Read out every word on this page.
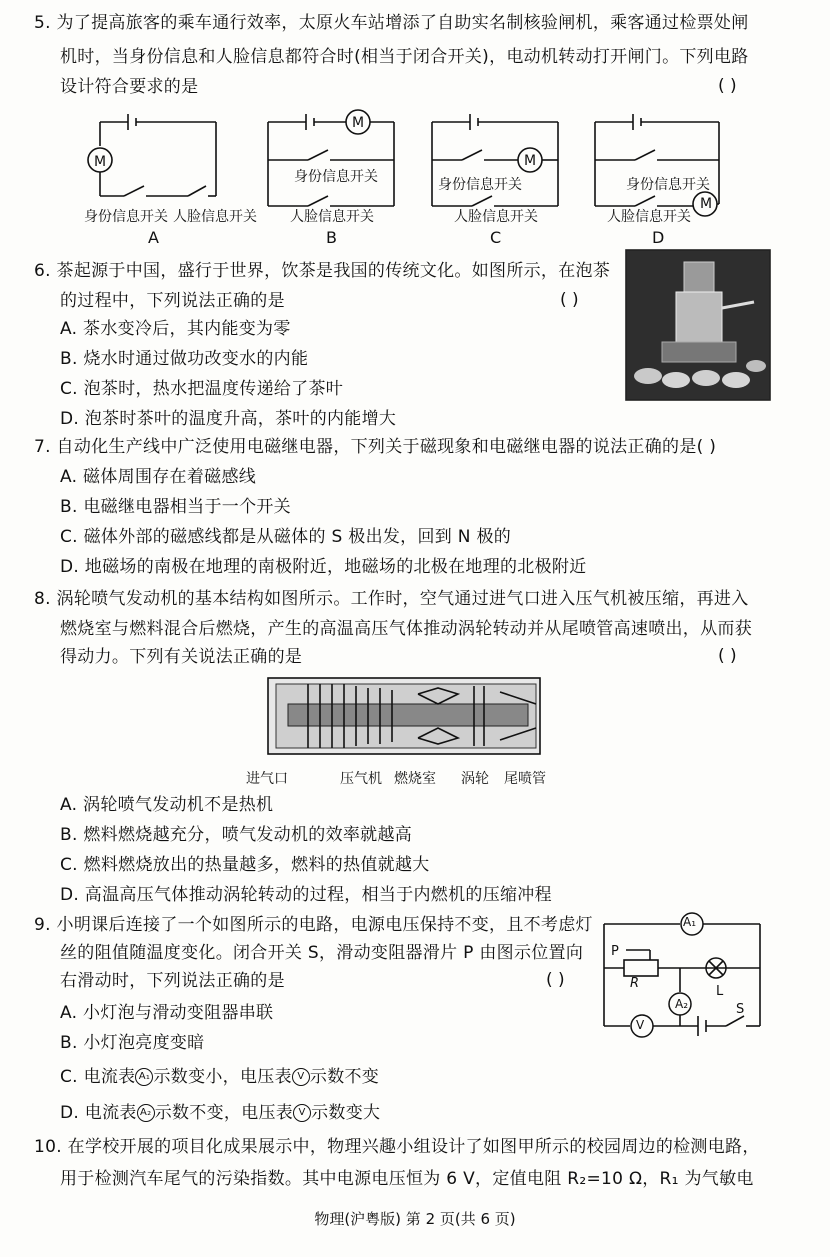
5. 为了提高旅客的乘车通行效率，太原火车站增添了自助实名制核验闸机，乘客通过检票处闸
机时，当身份信息和人脸信息都符合时(相当于闭合开关)，电动机转动打开闸门。下列电路
设计符合要求的是	( )
M
身份信息开关 人脸信息开关
A
M
身份信息开关
人脸信息开关
B
M
身份信息开关
人脸信息开关
C
M
身份信息开关
人脸信息开关
D
6. 茶起源于中国，盛行于世界，饮茶是我国的传统文化。如图所示，在泡茶
的过程中，下列说法正确的是	( )
A. 茶水变冷后，其内能变为零
B. 烧水时通过做功改变水的内能
C. 泡茶时，热水把温度传递给了茶叶
D. 泡茶时茶叶的温度升高，茶叶的内能增大
7. 自动化生产线中广泛使用电磁继电器，下列关于磁现象和电磁继电器的说法正确的是( )
A. 磁体周围存在着磁感线
B. 电磁继电器相当于一个开关
C. 磁体外部的磁感线都是从磁体的 S 极出发，回到 N 极的
D. 地磁场的南极在地理的南极附近，地磁场的北极在地理的北极附近
8. 涡轮喷气发动机的基本结构如图所示。工作时，空气通过进气口进入压气机被压缩，再进入
燃烧室与燃料混合后燃烧，产生的高温高压气体推动涡轮转动并从尾喷管高速喷出，从而获
得动力。下列有关说法正确的是	( )
进气口	压气机 燃烧室 涡轮 尾喷管
A. 涡轮喷气发动机不是热机
B. 燃料燃烧越充分，喷气发动机的效率就越高
C. 燃料燃烧放出的热量越多，燃料的热值就越大
D. 高温高压气体推动涡轮转动的过程，相当于内燃机的压缩冲程
9. 小明课后连接了一个如图所示的电路，电源电压保持不变，且不考虑灯
丝的阻值随温度变化。闭合开关 S，滑动变阻器滑片 P 由图示位置向
右滑动时，下列说法正确的是	( )
A. 小灯泡与滑动变阻器串联
B. 小灯泡亮度变暗
C. 电流表 A₁ 示数变小，电压表 V 示数不变
D. 电流表 A₂ 示数不变，电压表 V 示数变大
A₁
A₂
V
P
R
L
S
10. 在学校开展的项目化成果展示中，物理兴趣小组设计了如图甲所示的校园周边的检测电路，
用于检测汽车尾气的污染指数。其中电源电压恒为 6 V，定值电阻 R₂=10 Ω，R₁ 为气敏电
物理(沪粤版) 第 2 页(共 6 页)
